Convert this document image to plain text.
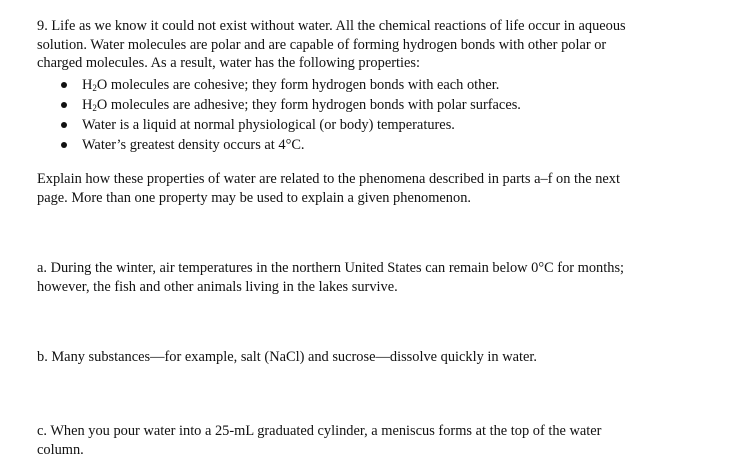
9. Life as we know it could not exist without water. All the chemical reactions of life occur in aqueous
solution. Water molecules are polar and are capable of forming hydrogen bonds with other polar or
charged molecules. As a result, water has the following properties:
$H_2O$ molecules are cohesive; they form hydrogen bonds with each other.
$H_2O$ molecules are adhesive; they form hydrogen bonds with polar surfaces.
Water is a liquid at normal physiological (or body) temperatures.
Water’s greatest density occurs at 4°C.
Explain how these properties of water are related to the phenomena described in parts a–f on the next
page. More than one property may be used to explain a given phenomenon.
a. During the winter, air temperatures in the northern United States can remain below 0°C for months;
however, the fish and other animals living in the lakes survive.
b. Many substances—for example, salt (NaCl) and sucrose—dissolve quickly in water.
c. When you pour water into a 25-mL graduated cylinder, a meniscus forms at the top of the water
column.
